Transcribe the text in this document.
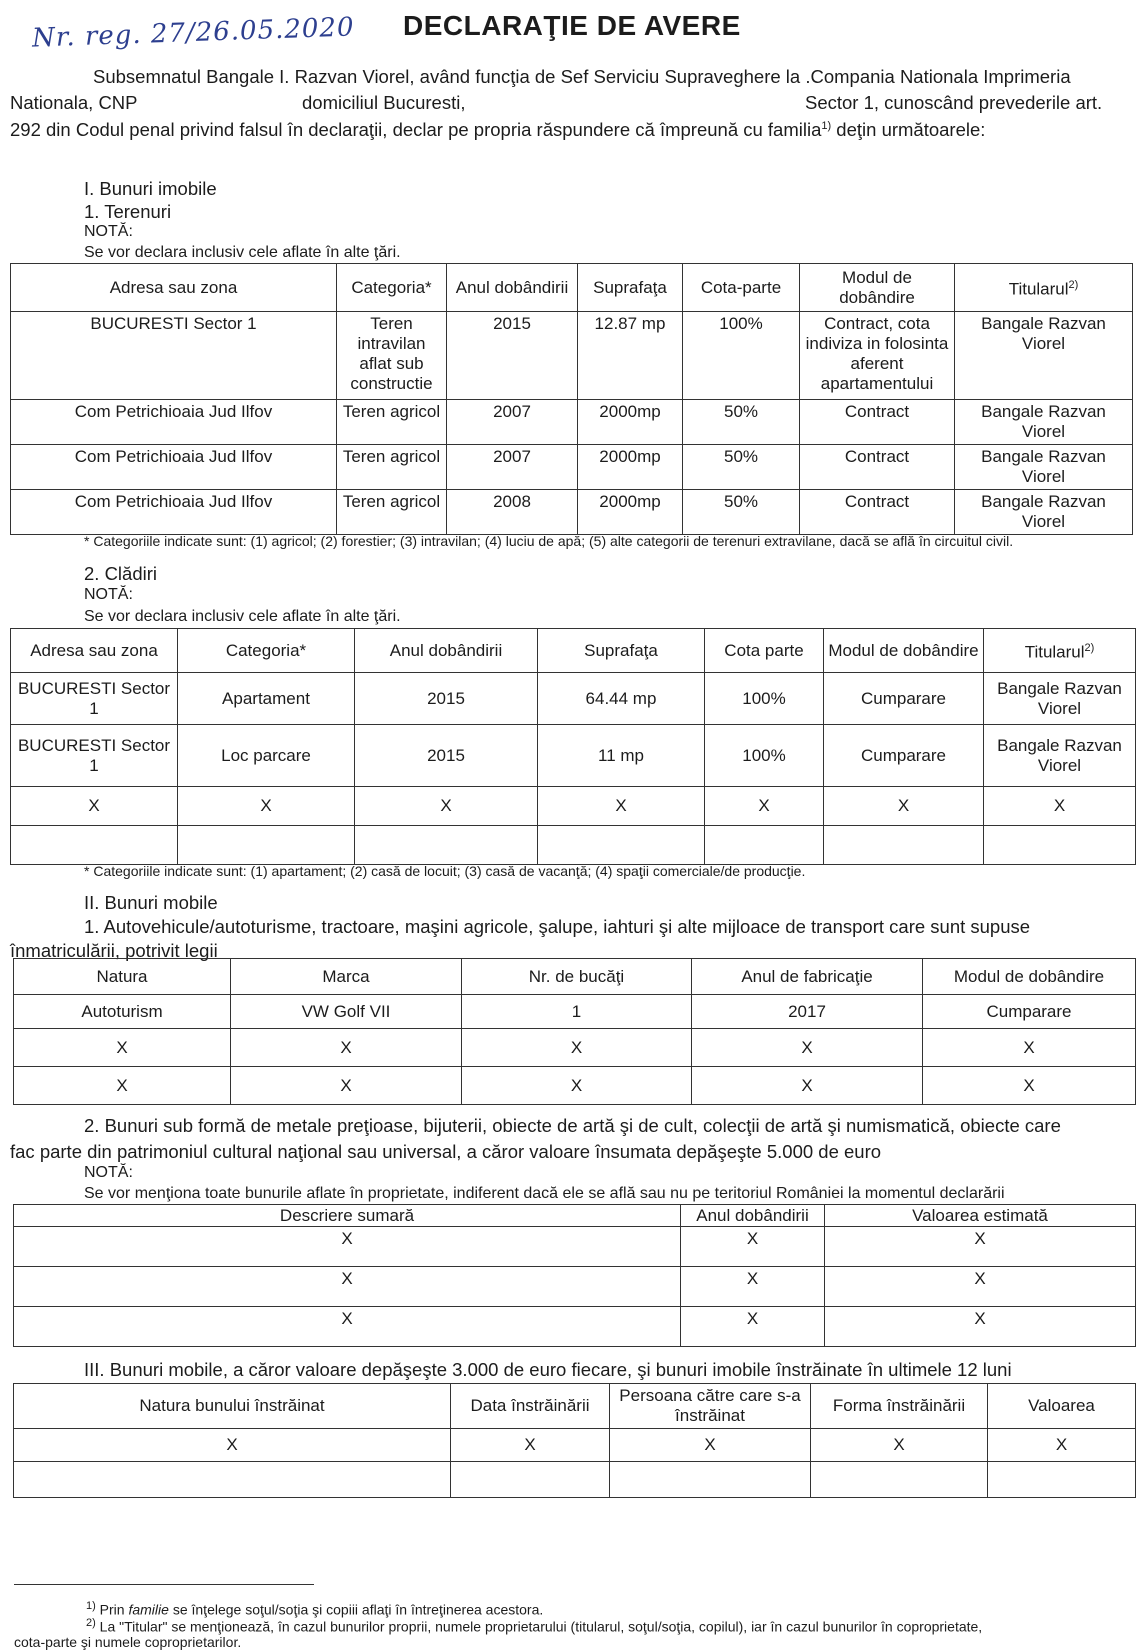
Nr. reg. 27/26.05.2020 DECLARAŢIE DE AVERE
Subsemnatul Bangale I. Razvan Viorel, având funcţia de Sef Serviciu Supraveghere la .Compania Nationala Imprimeria
Nationala, CNP	domiciliul Bucuresti,	Sector 1, cunoscând prevederile art.
292 din Codul penal privind falsul în declaraţii, declar pe propria răspundere că împreună cu familia$^{1)}$ deţin următoarele:
I. Bunuri imobile
1. Terenuri
NOTĂ:
Se vor declara inclusiv cele aflate în alte ţări.
Adresa sau zona	Categoria*	Anul dobândirii	Suprafaţa	Cota-parte	Modul de dobândire	Titularul$^{2)}$
BUCURESTI Sector 1	Teren intravilan aflat sub constructie	2015	12.87 mp	100%	Contract, cota indiviza in folosinta aferent apartamentului	Bangale Razvan Viorel
Com Petrichioaia Jud Ilfov	Teren agricol	2007	2000mp	50%	Contract	Bangale Razvan Viorel
Com Petrichioaia Jud Ilfov	Teren agricol	2007	2000mp	50%	Contract	Bangale Razvan Viorel
Com Petrichioaia Jud Ilfov	Teren agricol	2008	2000mp	50%	Contract	Bangale Razvan Viorel
* Categoriile indicate sunt: (1) agricol; (2) forestier; (3) intravilan; (4) luciu de apă; (5) alte categorii de terenuri extravilane, dacă se află în circuitul civil.
2. Clădiri
NOTĂ:
Se vor declara inclusiv cele aflate în alte ţări.
Adresa sau zona	Categoria*	Anul dobândirii	Suprafaţa	Cota parte	Modul de dobândire	Titularul$^{2)}$
BUCURESTI Sector 1	Apartament	2015	64.44 mp	100%	Cumparare	Bangale Razvan Viorel
BUCURESTI Sector 1	Loc parcare	2015	11 mp	100%	Cumparare	Bangale Razvan Viorel
X	X	X	X	X	X	X

* Categoriile indicate sunt: (1) apartament; (2) casă de locuit; (3) casă de vacanţă; (4) spaţii comerciale/de producţie.
II. Bunuri mobile
1. Autovehicule/autoturisme, tractoare, maşini agricole, şalupe, iahturi şi alte mijloace de transport care sunt supuse
înmatriculării, potrivit legii
Natura	Marca	Nr. de bucăţi	Anul de fabricaţie	Modul de dobândire
Autoturism	VW Golf VII	1	2017	Cumparare
X	X	X	X	X
X	X	X	X	X
2. Bunuri sub formă de metale preţioase, bijuterii, obiecte de artă şi de cult, colecţii de artă şi numismatică, obiecte care
fac parte din patrimoniul cultural naţional sau universal, a căror valoare însumata depăşeşte 5.000 de euro
NOTĂ:
Se vor menţiona toate bunurile aflate în proprietate, indiferent dacă ele se află sau nu pe teritoriul României la momentul declarării
Descriere sumară	Anul dobândirii	Valoarea estimată
X	X	X
X	X	X
X	X	X
III. Bunuri mobile, a căror valoare depăşeşte 3.000 de euro fiecare, şi bunuri imobile înstrăinate în ultimele 12 luni
Natura bunului înstrăinat	Data înstrăinării	Persoana către care s-a înstrăinat	Forma înstrăinării	Valoarea
X	X	X	X	X

$^{1)}$ Prin familie se înţelege soţul/soţia şi copiii aflaţi în întreţinerea acestora.
$^{2)}$ La "Titular" se menţionează, în cazul bunurilor proprii, numele proprietarului (titularul, soţul/soţia, copilul), iar în cazul bunurilor în coproprietate,
cota-parte şi numele coproprietarilor.
